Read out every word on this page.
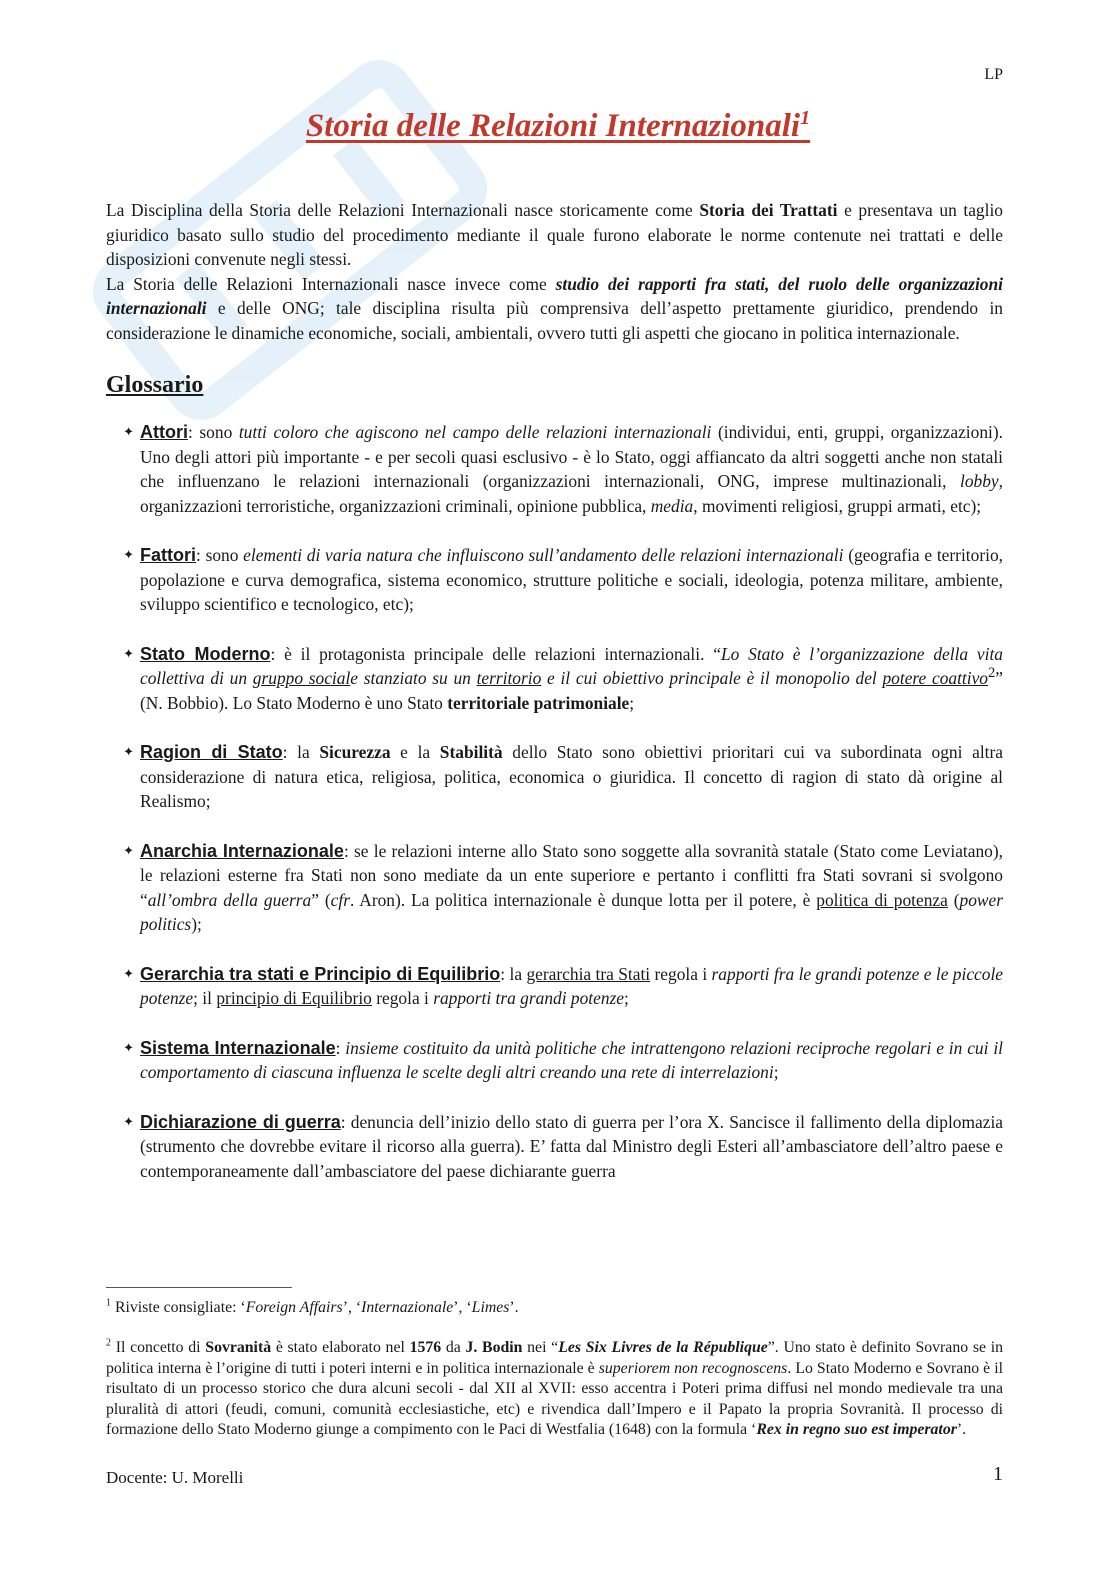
LP
Storia delle Relazioni Internazionali$^1$

La Disciplina della Storia delle Relazioni Internazionali nasce storicamente come Storia dei Trattati e presentava un taglio giuridico basato sullo studio del procedimento mediante il quale furono elaborate le norme contenute nei trattati e delle disposizioni convenute negli stessi.

La Storia delle Relazioni Internazionali nasce invece come studio dei rapporti fra stati, del ruolo delle organizzazioni internazionali e delle ONG; tale disciplina risulta più comprensiva dell’aspetto prettamente giuridico, prendendo in considerazione le dinamiche economiche, sociali, ambientali, ovvero tutti gli aspetti che giocano in politica internazionale.

Glossario
✦ Attori: sono tutti coloro che agiscono nel campo delle relazioni internazionali (individui, enti, gruppi, organizzazioni). Uno degli attori più importante - e per secoli quasi esclusivo - è lo Stato, oggi affiancato da altri soggetti anche non statali che influenzano le relazioni internazionali (organizzazioni internazionali, ONG, imprese multinazionali, lobby, organizzazioni terroristiche, organizzazioni criminali, opinione pubblica, media, movimenti religiosi, gruppi armati, etc);
✦ Fattori: sono elementi di varia natura che influiscono sull’andamento delle relazioni internazionali (geografia e territorio, popolazione e curva demografica, sistema economico, strutture politiche e sociali, ideologia, potenza militare, ambiente, sviluppo scientifico e tecnologico, etc);
✦ Stato Moderno: è il protagonista principale delle relazioni internazionali. “Lo Stato è l’organizzazione della vita collettiva di un gruppo sociale stanziato su un territorio e il cui obiettivo principale è il monopolio del potere coattivo$^2$” (N. Bobbio). Lo Stato Moderno è uno Stato territoriale patrimoniale;
✦ Ragion di Stato: la Sicurezza e la Stabilità dello Stato sono obiettivi prioritari cui va subordinata ogni altra considerazione di natura etica, religiosa, politica, economica o giuridica. Il concetto di ragion di stato dà origine al Realismo;
✦ Anarchia Internazionale: se le relazioni interne allo Stato sono soggette alla sovranità statale (Stato come Leviatano), le relazioni esterne fra Stati non sono mediate da un ente superiore e pertanto i conflitti fra Stati sovrani si svolgono “all’ombra della guerra” (cfr. Aron). La politica internazionale è dunque lotta per il potere, è politica di potenza (power politics);
✦ Gerarchia tra stati e Principio di Equilibrio: la gerarchia tra Stati regola i rapporti fra le grandi potenze e le piccole potenze; il principio di Equilibrio regola i rapporti tra grandi potenze;
✦ Sistema Internazionale: insieme costituito da unità politiche che intrattengono relazioni reciproche regolari e in cui il comportamento di ciascuna influenza le scelte degli altri creando una rete di interrelazioni;
✦ Dichiarazione di guerra: denuncia dell’inizio dello stato di guerra per l’ora X. Sancisce il fallimento della diplomazia (strumento che dovrebbe evitare il ricorso alla guerra). E’ fatta dal Ministro degli Esteri all’ambasciatore dell’altro paese e contemporaneamente dall’ambasciatore del paese dichiarante guerra
$^1$ Riviste consigliate: ‘Foreign Affairs’, ‘Internazionale’, ‘Limes’.
$^2$ Il concetto di Sovranità è stato elaborato nel 1576 da J. Bodin nei “Les Six Livres de la République”. Uno stato è definito Sovrano se in politica interna è l’origine di tutti i poteri interni e in politica internazionale è superiorem non recognoscens. Lo Stato Moderno e Sovrano è il risultato di un processo storico che dura alcuni secoli - dal XII al XVII: esso accentra i Poteri prima diffusi nel mondo medievale tra una pluralità di attori (feudi, comuni, comunità ecclesiastiche, etc) e rivendica dall’Impero e il Papato la propria Sovranità. Il processo di formazione dello Stato Moderno giunge a compimento con le Paci di Westfalia (1648) con la formula ‘Rex in regno suo est imperator’.
Docente: U. Morelli	1
